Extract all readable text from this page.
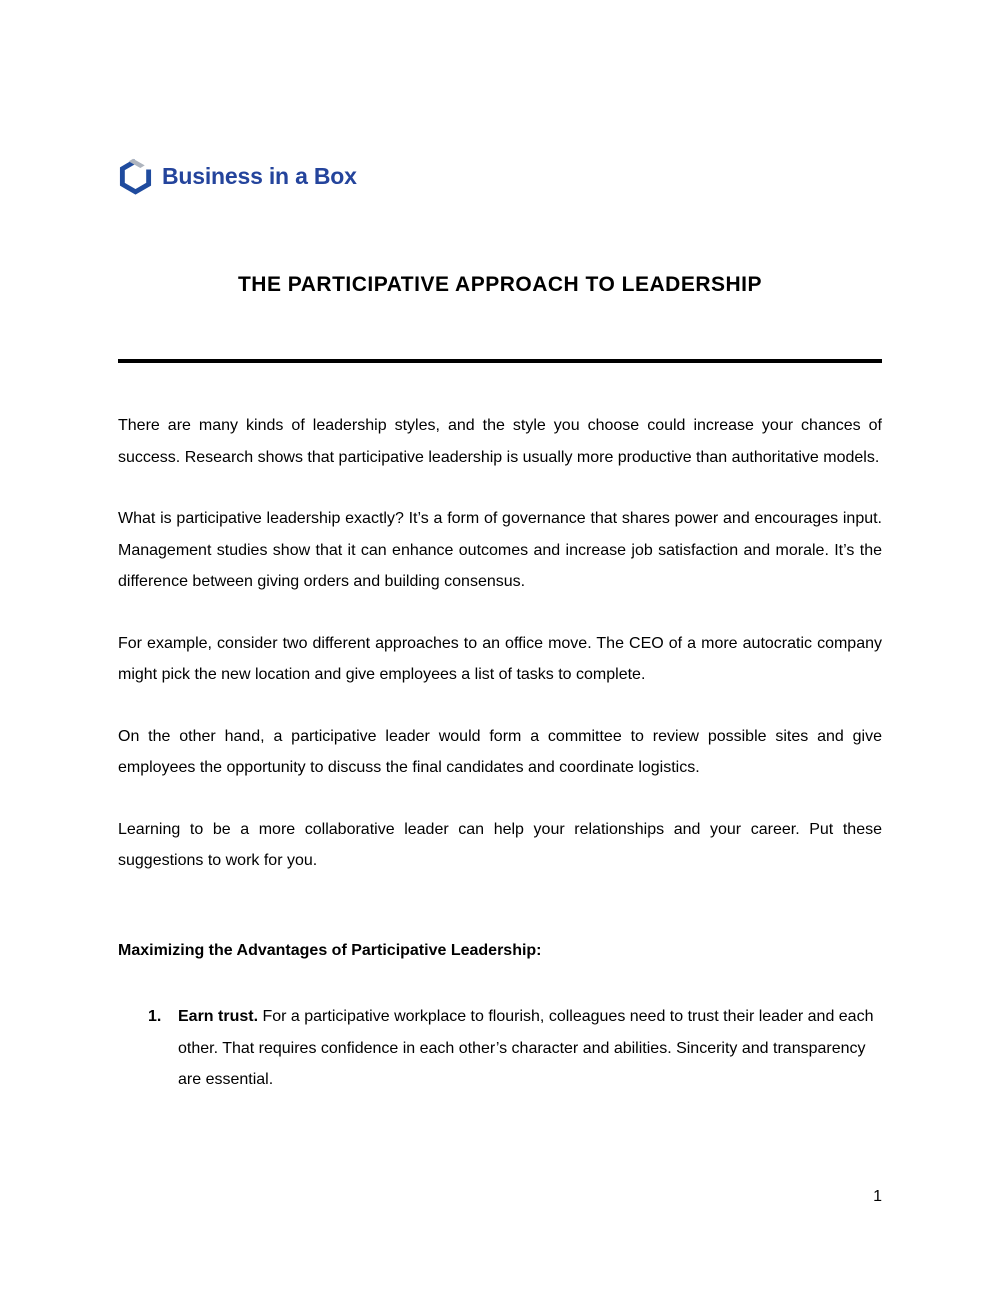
Business in a Box
THE PARTICIPATIVE APPROACH TO LEADERSHIP

There are many kinds of leadership styles, and the style you choose could increase your chances of success. Research shows that participative leadership is usually more productive than authoritative models.

What is participative leadership exactly? It’s a form of governance that shares power and encourages input. Management studies show that it can enhance outcomes and increase job satisfaction and morale. It’s the difference between giving orders and building consensus.

For example, consider two different approaches to an office move. The CEO of a more autocratic company might pick the new location and give employees a list of tasks to complete.

On the other hand, a participative leader would form a committee to review possible sites and give employees the opportunity to discuss the final candidates and coordinate logistics.

Learning to be a more collaborative leader can help your relationships and your career. Put these suggestions to work for you.

Maximizing the Advantages of Participative Leadership:
1.	Earn trust. For a participative workplace to flourish, colleagues need to trust their leader and each other. That requires confidence in each other’s character and abilities. Sincerity and transparency are essential.

1
